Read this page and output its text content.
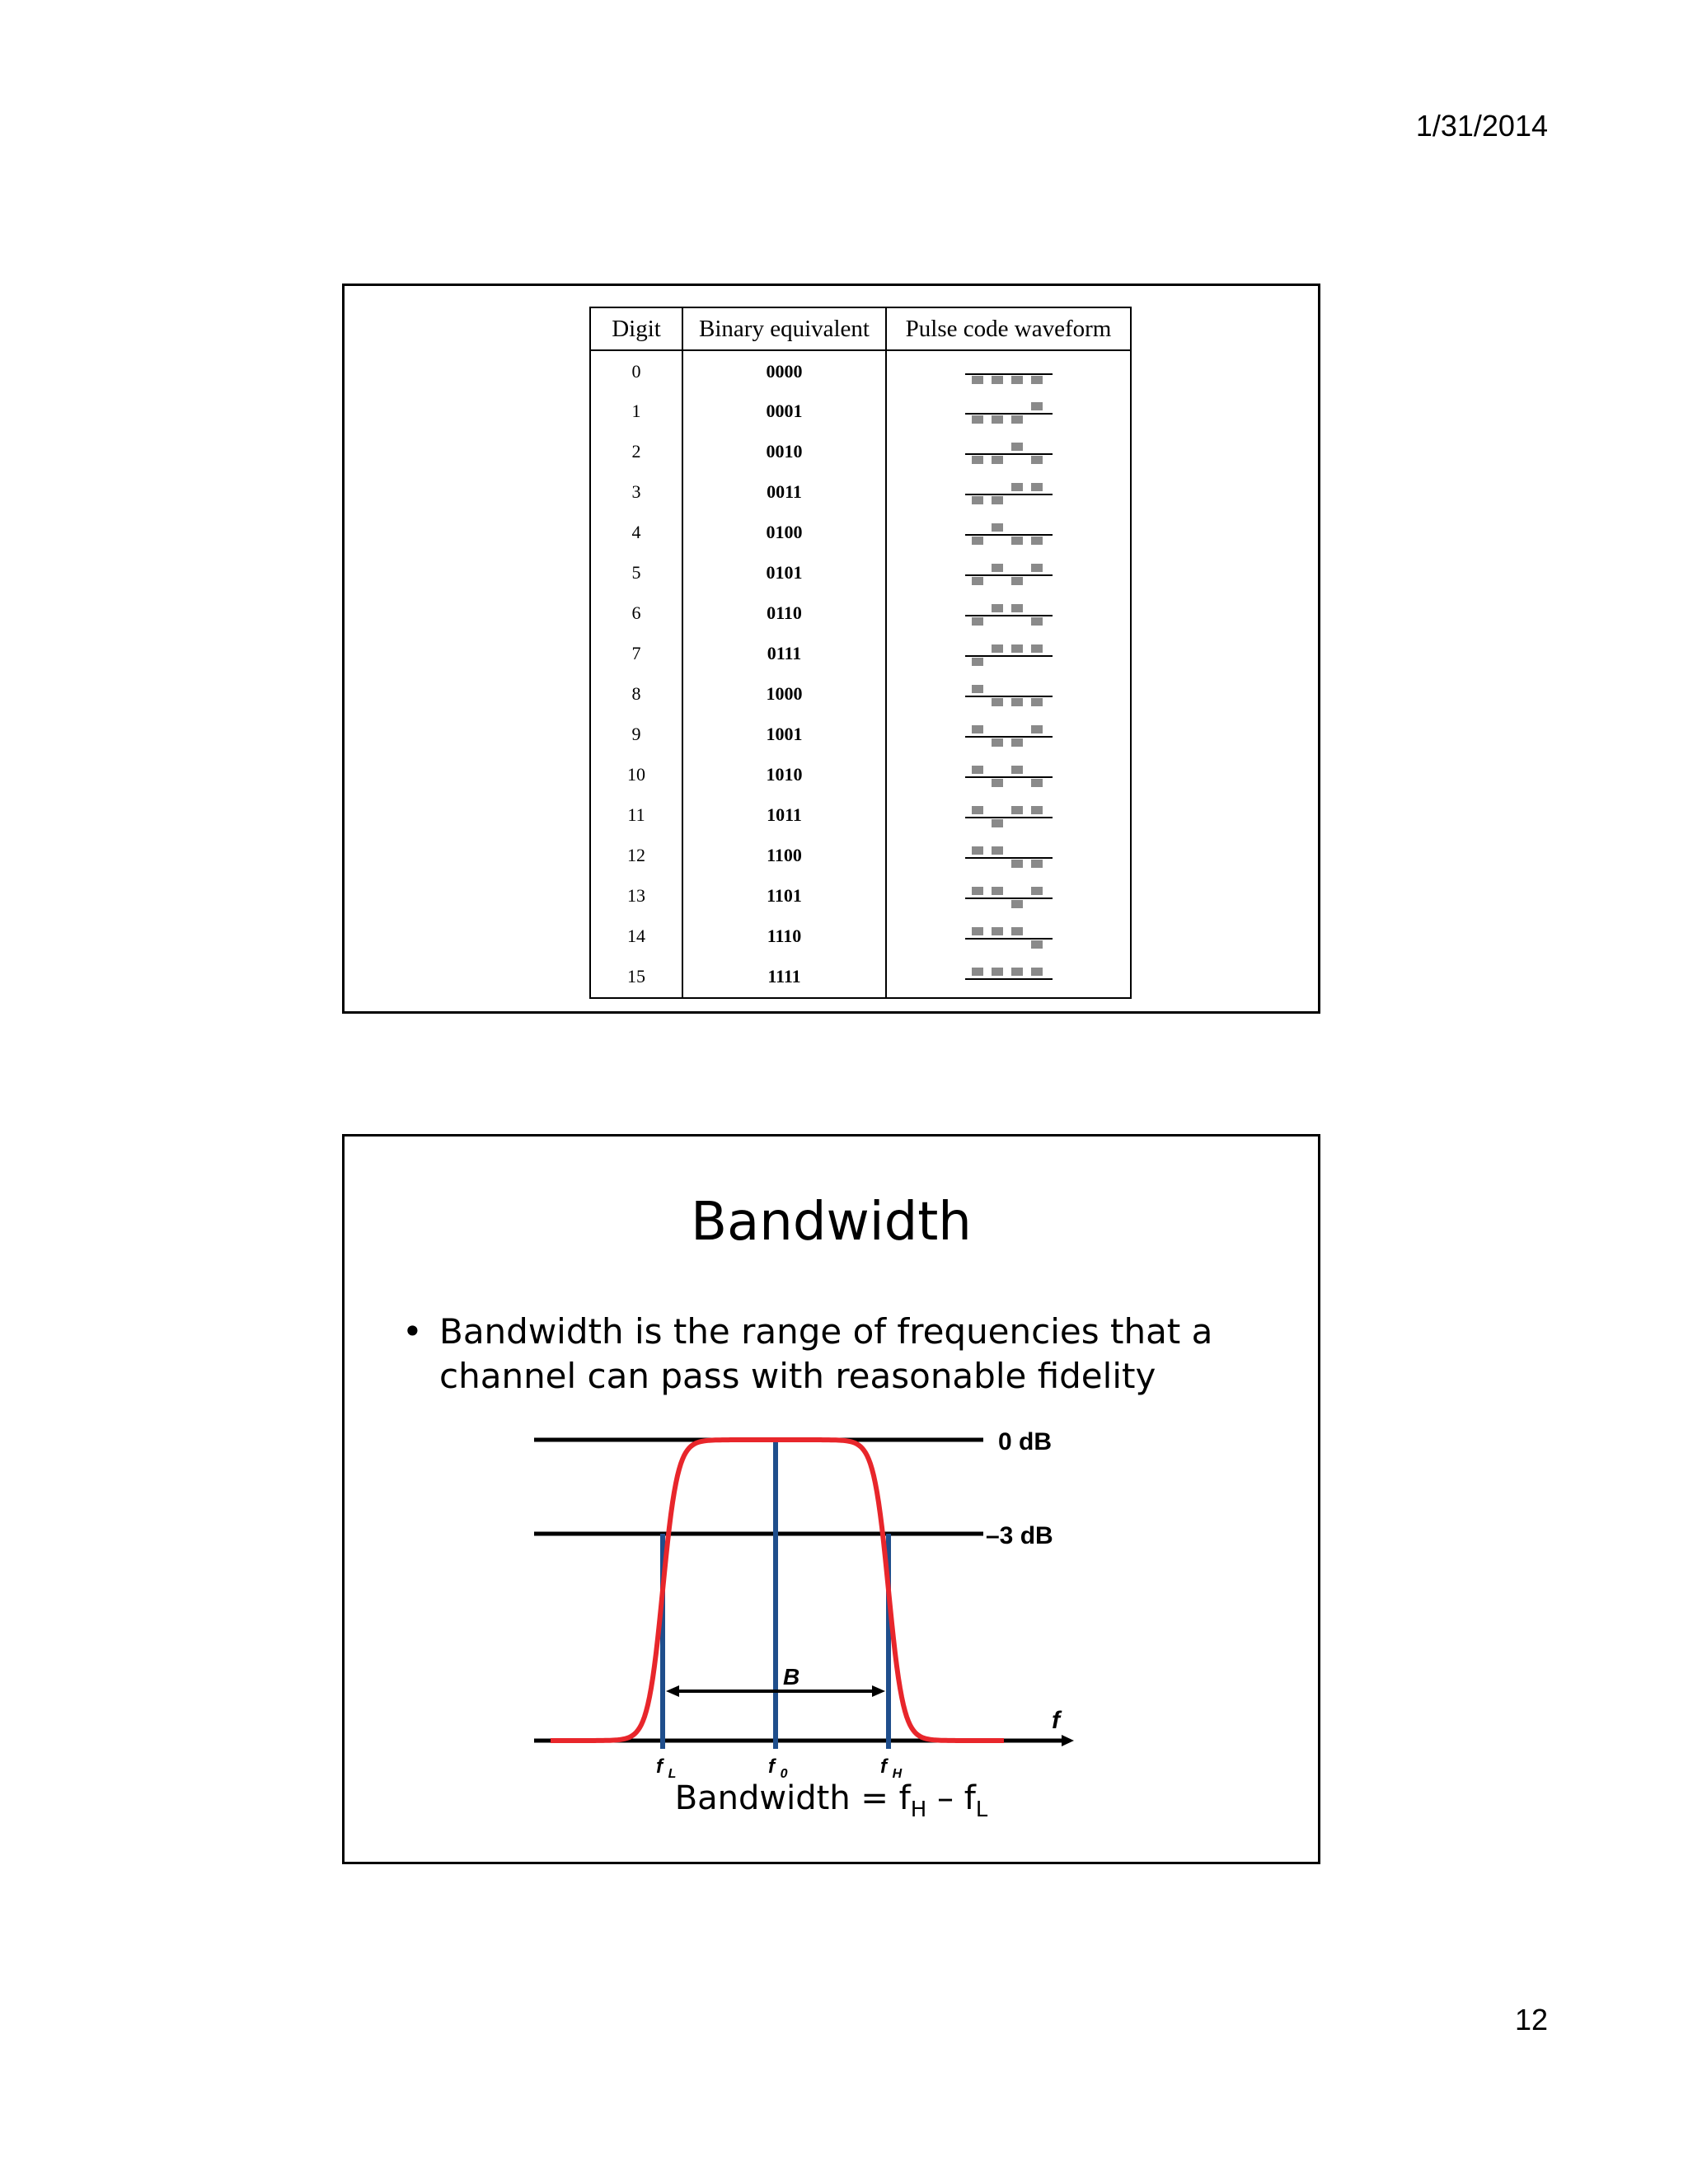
1/31/2014
Digit	Binary equivalent	Pulse code waveform
0	0000	

1	0001	

2	0010	

3	0011	

4	0100	

5	0101	

6	0110	

7	0111	

8	1000	

9	1001	

10	1010	

11	1011	

12	1100	

13	1101	

14	1110	

15	1111	
Bandwidth
• Bandwidth is the range of frequencies that a channel can pass with reasonable fidelity
0 dB
–3 dB
B
f
f $_L$	f $_0$	f $_H$
Bandwidth = $f_H - f_L$
12
